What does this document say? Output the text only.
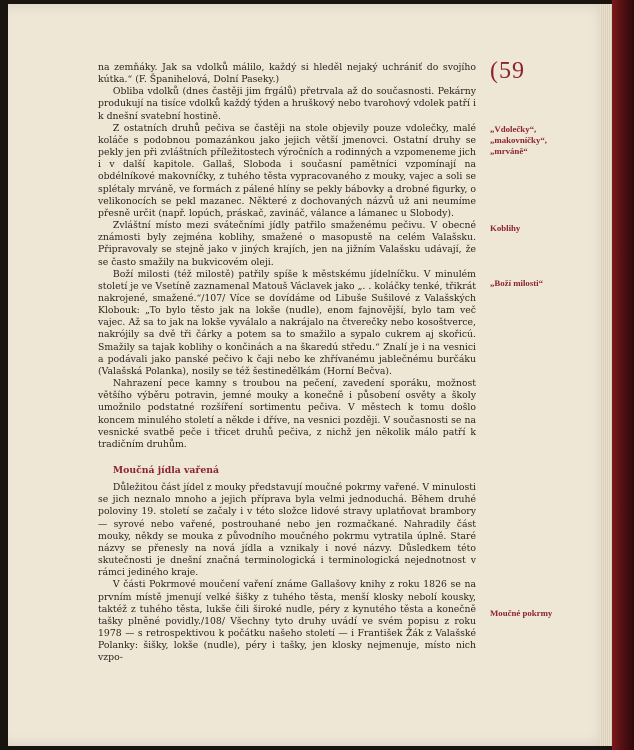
(59
„Vdolečky“,
„makovníčky“,
„mrváně“
Koblihy
„Boží milosti“
Moučné pokrmy

na zemňáky. Jak sa vdolků málilo, každý si hleděl nejaký uchrániť do svojího kútka.“ (F. Španihelová, Dolní Paseky.)

Obliba vdolků (dnes častěji jim frgálů) přetrvala až do současnosti. Pekárny produkují na tisíce vdolků každý týden a hruškový nebo tvarohový vdolek patří i k dnešní svatební hostině.

Z ostatních druhů pečiva se častěji na stole objevily pouze vdolečky, malé koláče s podobnou pomazánkou jako jejich větší jmenovci. Ostatní druhy se pekly jen při zvláštních příležitostech výročních a rodinných a vzpomeneme jich i v další kapitole. Gallaš, Sloboda i současní pamětníci vzpomínají na obdélníkové makovníčky, z tuhého těsta vypracovaného z mouky, vajec a soli se splétaly mrváně, ve formách z pálené hlíny se pekly bábovky a drobné figurky, o velikonocích se pekl mazanec. Některé z dochovaných názvů už ani neumíme přesně určit (např. lopúch, práskač, zavináč, válance a lámanec u Slobody).

Zvláštní místo mezi svátečními jídly patřilo smaženému pečivu. V obecné známosti byly zejména koblihy, smažené o masopustě na celém Valašsku. Připravovaly se stejně jako v jiných krajích, jen na jižním Valašsku udávají, že se často smažily na bukvicovém oleji.

Boží milosti (též milostě) patřily spíše k městskému jídelníčku. V minulém století je ve Vsetíně zaznamenal Matouš Václavek jako „. . koláčky tenké, třikrát nakrojené, smažené.“/107/ Více se dovídáme od Libuše Sušilové z Valašských Klobouk: „To bylo těsto jak na lokše (nudle), enom fajnovější, bylo tam več vajec. Až sa to jak na lokše vyválalo a nakrájalo na čtverečky nebo kosoštverce, nakrójily sa dvě tři čárky a potem sa to smažilo a sypalo cukrem aj skořicú. Smažily sa tajak koblihy o končinách a na škaredú středu.“ Znalí je i na vesnici a podávali jako panské pečivo k čaji nebo ke zhřívanému jablečnému burčáku (Valašská Polanka), nosily se též šestinedělkám (Horní Bečva).

Nahrazení pece kamny s troubou na pečení, zavedení sporáku, možnost většího výběru potravin, jemné mouky a konečně i působení osvěty a školy umožnilo podstatné rozšíření sortimentu pečiva. V městech k tomu došlo koncem minulého století a někde i dříve, na vesnici později. V současnosti se na vesnické svatbě peče i třicet druhů pečiva, z nichž jen několik málo patří k tradičním druhům.

Moučná jídla vařená

Důležitou část jídel z mouky představují moučné pokrmy vařené. V minulosti se jich neznalo mnoho a jejich příprava byla velmi jednoduchá. Během druhé poloviny 19. století se začaly i v této složce lidové stravy uplatňovat brambory — syrové nebo vařené, postrouhané nebo jen rozmačkané. Nahradily část mouky, někdy se mouka z původního moučného pokrmu vytratila úplně. Staré názvy se přenesly na nová jídla a vznikaly i nové názvy. Důsledkem této skutečnosti je dnešní značná terminologická i terminologická nejednotnost v rámci jediného kraje.

V části Pokrmové moučení vaření známe Gallašovy knihy z roku 1826 se na prvním místě jmenují velké šišky z tuhého těsta, menší klosky nebolí kousky, taktéž z tuhého těsta, lukše čili široké nudle, péry z kynutého těsta a konečně tašky plněné povidly./108/ Všechny tyto druhy uvádí ve svém popisu z roku 1978 — s retrospektivou k počátku našeho století — i František Žák z Valašské Polanky: šišky, lokše (nudle), péry i tašky, jen klosky nejmenuje, místo nich vzpo-
